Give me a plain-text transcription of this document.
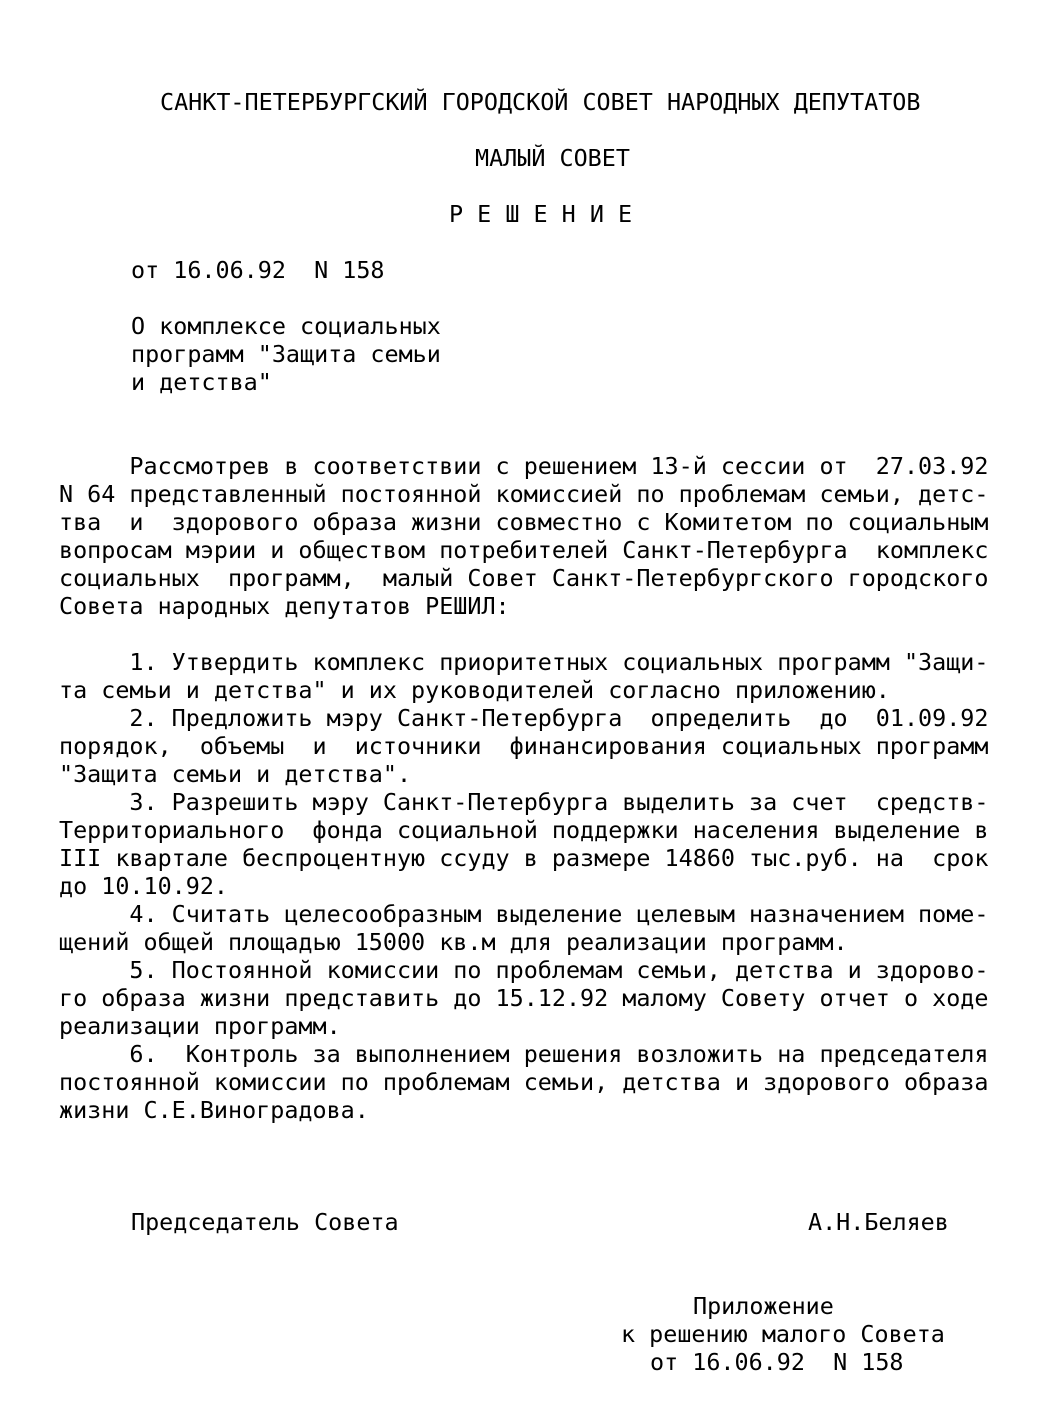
САНКТ-ПЕТЕРБУРГСКИЙ ГОРОДСКОЙ СОВЕТ НАРОДНЫХ ДЕПУТАТОВ
МАЛЫЙ СОВЕТ
Р Е Ш Е Н И Е
от 16.06.92  N 158
О комплексе социальных
программ "Защита семьи
и детства"
Рассмотрев в соответствии с решением 13-й сессии от  27.03.92
N 64 представленный постоянной комиссией по проблемам семьи, детс-
тва  и  здорового образа жизни совместно с Комитетом по социальным
вопросам мэрии и обществом потребителей Санкт-Петербурга  комплекс
социальных  программ,  малый Совет Санкт-Петербургского городского
Совета народных депутатов РЕШИЛ:
1. Утвердить комплекс приоритетных социальных программ "Защи-
та семьи и детства" и их руководителей согласно приложению.
2. Предложить мэру Санкт-Петербурга  определить  до  01.09.92
порядок,  объемы  и  источники  финансирования социальных программ
"Защита семьи и детства".
3. Разрешить мэру Санкт-Петербурга выделить за счет  средств-
Территориального  фонда социальной поддержки населения выделение в
III квартале беспроцентную ссуду в размере 14860 тыс.руб. на  срок
до 10.10.92.
4. Считать целесообразным выделение целевым назначением поме-
щений общей площадью 15000 кв.м для реализации программ.
5. Постоянной комиссии по проблемам семьи, детства и здорово-
го образа жизни представить до 15.12.92 малому Совету отчет о ходе
реализации программ.
6.  Контроль за выполнением решения возложить на председателя
постоянной комиссии по проблемам семьи, детства и здорового образа
жизни С.Е.Виноградова.
Председатель Совета	А.Н.Беляев
Приложение
к решению малого Совета
от 16.06.92  N 158
